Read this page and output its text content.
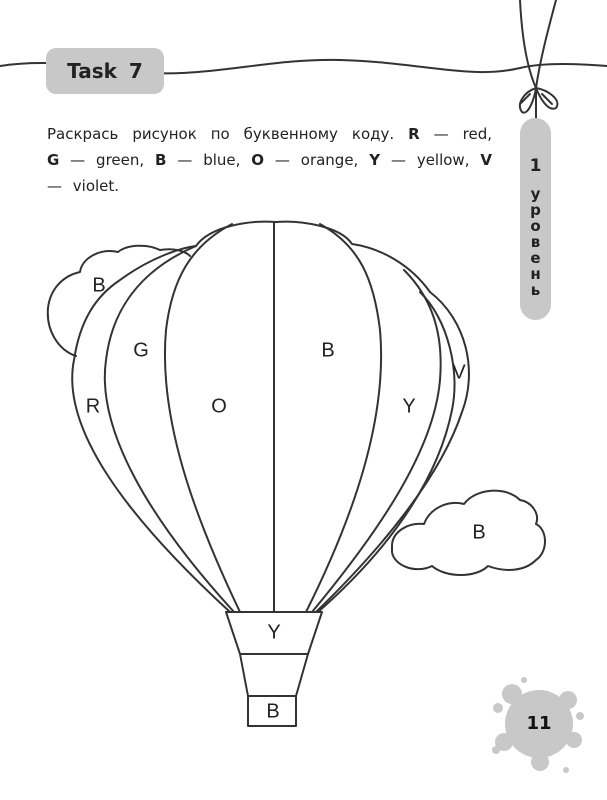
Task 7
Раскрась рисунок по буквенному коду. R — red, G — green, B — blue, O — orange, Y — yellow, V — violet.
1
у
р
о
в
е
н
ь
B
B
R
G
O
B
Y
V
Y
B
11
